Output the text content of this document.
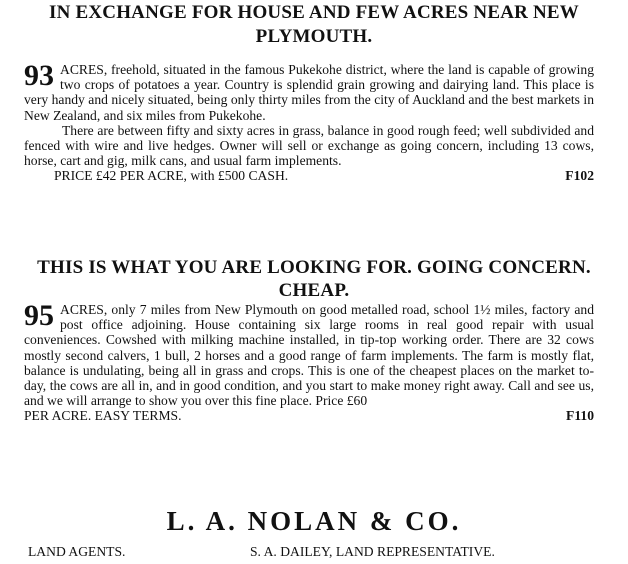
IN EXCHANGE FOR HOUSE AND FEW ACRES NEAR NEW
PLYMOUTH.

93 ACRES, freehold, situated in the famous Pukekohe district, where the land is capable of growing two crops of potatoes a year. Country is splendid grain growing and dairying land. This place is very handy and nicely situated, being only thirty miles from the city of Auckland and the best markets in New Zealand, and six miles from Pukekohe.

There are between fifty and sixty acres in grass, balance in good rough feed; well subdivided and fenced with wire and live hedges. Owner will sell or exchange as going concern, including 13 cows, horse, cart and gig, milk cans, and usual farm implements.

PRICE £42 PER ACRE, with £500 CASH.	F102
THIS IS WHAT YOU ARE LOOKING FOR. GOING CONCERN.
CHEAP.

95 ACRES, only 7 miles from New Plymouth on good metalled road, school 1½ miles, factory and post office adjoining. House containing six large rooms in real good repair with usual conveniences. Cowshed with milking machine installed, in tip-top working order. There are 32 cows mostly second calvers, 1 bull, 2 horses and a good range of farm implements. The farm is mostly flat, balance is undulating, being all in grass and crops. This is one of the cheapest places on the market to-day, the cows are all in, and in good condition, and you start to make money right away. Call and see us, and we will arrange to show you over this fine place. Price £60

PER ACRE. EASY TERMS.	F110
L. A. NOLAN & CO.
LAND AGENTS.	S. A. DAILEY, LAND REPRESENTATIVE.
